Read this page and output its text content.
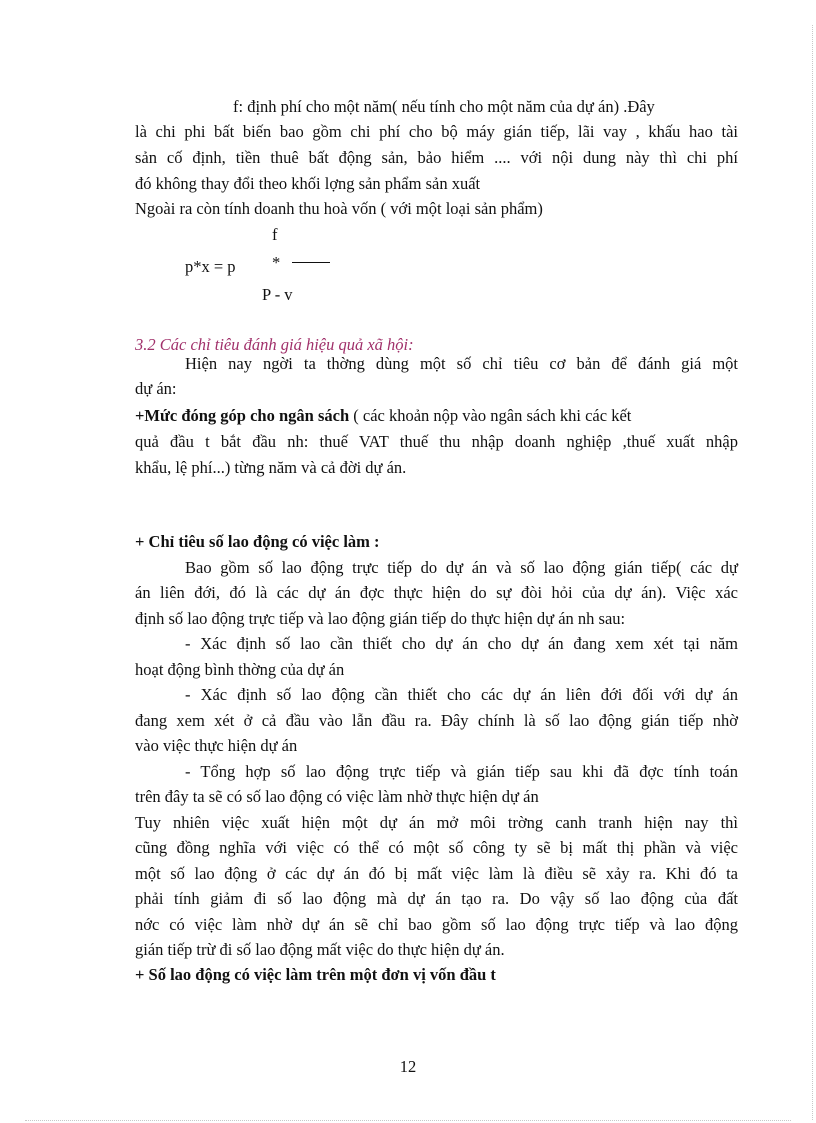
f: định phí cho một năm( nếu tính cho một năm của dự án) .Đây
là chi phi bất biến bao gồm chi phí cho bộ máy gián tiếp, lãi vay , khấu hao tài
sản cố định, tiền thuê bất động sản, bảo hiểm .... với nội dung này thì chi phí
đó không thay đổi theo khối lợng sản phẩm sản xuất
Ngoài ra còn tính doanh thu hoà vốn ( với một loại sản phẩm)
f
p*x = p *
P - v
3.2 Các chỉ tiêu đánh giá hiệu quả xã hội:
Hiện nay ngời ta thờng dùng một số chỉ tiêu cơ bản để đánh giá một
dự án:
+Mức đóng góp cho ngân sách ( các khoản nộp vào ngân sách khi các kết
quả đầu t bắt đầu nh: thuế VAT thuế thu nhập doanh nghiệp ,thuế xuất nhập
khẩu, lệ phí...) từng năm và cả đời dự án.
+ Chỉ tiêu số lao động có việc làm :
Bao gồm số lao động trực tiếp do dự án và số lao động gián tiếp( các dự
án liên đới, đó là các dự án đợc thực hiện do sự đòi hỏi của dự án). Việc xác
định số lao động trực tiếp và lao động gián tiếp do thực hiện dự án nh sau:
- Xác định số lao cần thiết cho dự án cho dự án đang xem xét tại năm
hoạt động bình thờng của dự án
- Xác định số lao động cần thiết cho các dự án liên đới đối với dự án
đang xem xét ở cả đầu vào lẫn đầu ra. Đây chính là số lao động gián tiếp nhờ
vào việc thực hiện dự án
- Tổng hợp số lao động trực tiếp và gián tiếp sau khi đã đợc tính toán
trên đây ta sẽ có số lao động có việc làm nhờ thực hiện dự án
Tuy nhiên việc xuất hiện một dự án mở môi trờng canh tranh hiện nay thì
cũng đồng nghĩa với việc có thể có một số công ty sẽ bị mất thị phần và việc
một số lao động ở các dự án đó bị mất việc làm là điều sẽ xảy ra. Khi đó ta
phải tính giảm đi số lao động mà dự án tạo ra. Do vậy số lao động của đất
nớc có việc làm nhờ dự án sẽ chỉ bao gồm số lao động trực tiếp và lao động
gián tiếp trừ đi số lao động mất việc do thực hiện dự án.
+ Số lao động có việc làm trên một đơn vị vốn đầu t
12
